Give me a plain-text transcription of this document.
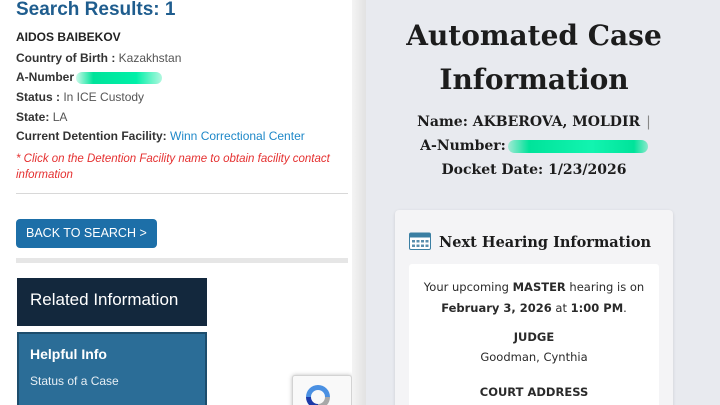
Search Results: 1
AIDOS BAIBEKOV
Country of Birth : Kazakhstan
A-Number
Status : In ICE Custody
State: LA
Current Detention Facility: Winn Correctional Center
* Click on the Detention Facility name to obtain facility contact information
BACK TO SEARCH >
Related Information
Helpful Info
Status of a Case
Automated Case
Information
Name: AKBEROVA, MOLDIR |
A-Number:
Docket Date: 1/23/2026
Next Hearing Information
Your upcoming MASTER hearing is on
February 3, 2026 at 1:00 PM.
JUDGE
Goodman, Cynthia
COURT ADDRESS
